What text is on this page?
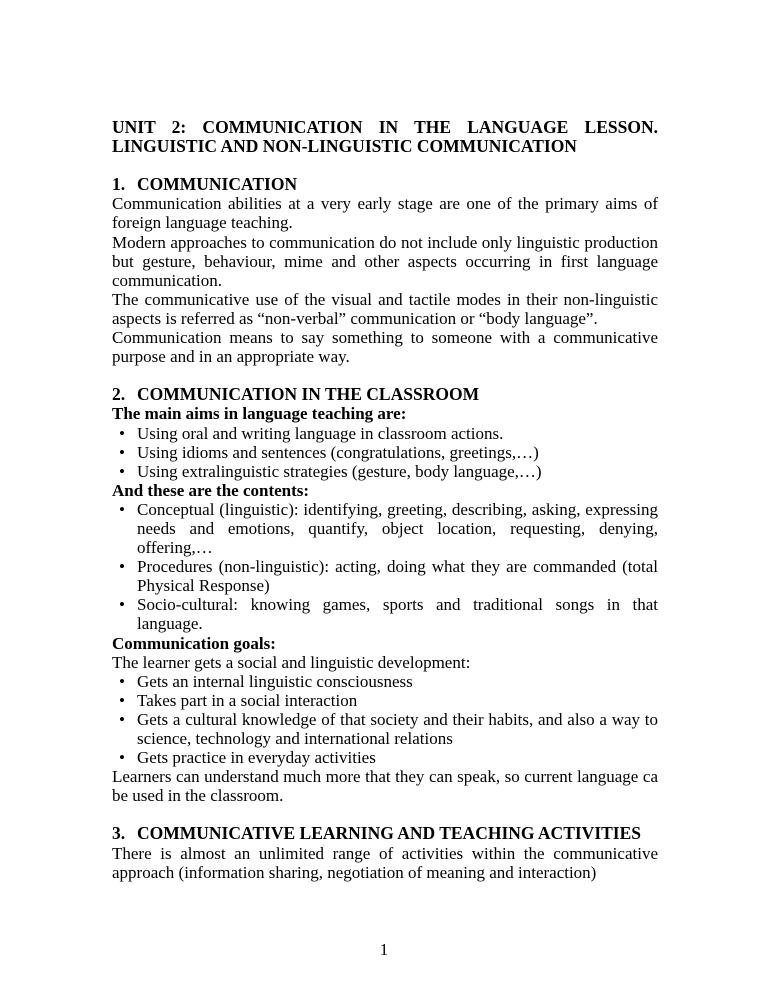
UNIT 2: COMMUNICATION IN THE LANGUAGE LESSON. LINGUISTIC AND NON-LINGUISTIC COMMUNICATION

1. COMMUNICATION

Communication abilities at a very early stage are one of the primary aims of foreign language teaching.

Modern approaches to communication do not include only linguistic production but gesture, behaviour, mime and other aspects occurring in first language communication.

The communicative use of the visual and tactile modes in their non-linguistic aspects is referred as “non-verbal” communication or “body language”.

Communication means to say something to someone with a communicative purpose and in an appropriate way.

2. COMMUNICATION IN THE CLASSROOM

The main aims in language teaching are:

• Using oral and writing language in classroom actions.
• Using idioms and sentences (congratulations, greetings,…)
• Using extralinguistic strategies (gesture, body language,…)

And these are the contents:

• Conceptual (linguistic): identifying, greeting, describing, asking, expressing needs and emotions, quantify, object location, requesting, denying, offering,…
• Procedures (non-linguistic): acting, doing what they are commanded (total Physical Response)
• Socio-cultural: knowing games, sports and traditional songs in that language.

Communication goals:

The learner gets a social and linguistic development:

• Gets an internal linguistic consciousness
• Takes part in a social interaction
• Gets a cultural knowledge of that society and their habits, and also a way to science, technology and international relations
• Gets practice in everyday activities

Learners can understand much more that they can speak, so current language ca be used in the classroom.

3. COMMUNICATIVE LEARNING AND TEACHING ACTIVITIES

There is almost an unlimited range of activities within the communicative approach (information sharing, negotiation of meaning and interaction)

1
